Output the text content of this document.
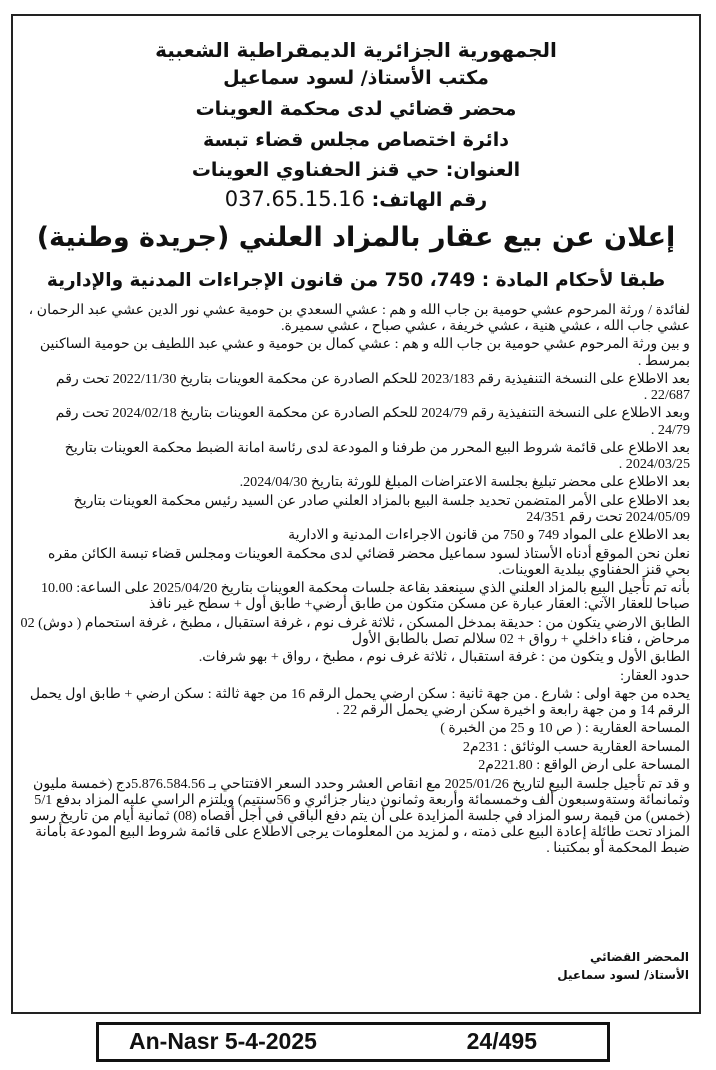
الجمهورية الجزائرية الديمقراطية الشعبية
مكتب الأستاذ/ لسود سماعيل
محضر قضائي لدى محكمة العوينات
دائرة اختصاص مجلس قضاء تبسة
العنوان: حي قنز الحفناوي العوينات
رقم الهاتف: 037.65.15.16
إعلان عن بيع عقار بالمزاد العلني (جريدة وطنية)
طبقا لأحكام المادة : 749، 750 من قانون الإجراءات المدنية والإدارية

لفائدة / ورثة المرحوم عشي حومية بن جاب الله و هم : عشي السعدي بن حومية عشي نور الدين عشي عبد الرحمان ، عشي جاب الله ، عشي هنية ، عشي خريفة ، عشي صباح ، عشي سميرة.

و بين ورثة المرحوم عشي حومية بن جاب الله و هم : عشي كمال بن حومية و عشي عبد اللطيف بن حومية الساكنين بمرسط .

بعد الاطلاع على النسخة التنفيذية رقم 2023/183 للحكم الصادرة عن محكمة العوينات بتاريخ 2022/11/30 تحت رقم 22/687 .

وبعد الاطلاع على النسخة التنفيذية رقم 2024/79 للحكم الصادرة عن محكمة العوينات بتاريخ 2024/02/18 تحت رقم 24/79 .

بعد الاطلاع على قائمة شروط البيع المحرر من طرفنا و المودعة لدى رئاسة امانة الضبط محكمة العوينات بتاريخ 2024/03/25 .

بعد الاطلاع على محضر تبليغ بجلسة الاعتراضات المبلغ للورثة بتاريخ 2024/04/30.

بعد الاطلاع على الأمر المتضمن تحديد جلسة البيع بالمزاد العلني صادر عن السيد رئيس محكمة العوينات بتاريخ 2024/05/09 تحت رقم 24/351

بعد الاطلاع على المواد 749 و 750 من قانون الاجراءات المدنية و الادارية

نعلن نحن الموقع أدناه الأستاذ لسود سماعيل محضر قضائي لدى محكمة العوينات ومجلس قضاء تبسة الكائن مقره بحي قنز الحفناوي ببلدية العوينات.

بأنه تم تأجيل البيع بالمزاد العلني الذي سينعقد بقاعة جلسات محكمة العوينات بتاريخ 2025/04/20 على الساعة: 10.00 صباحا للعقار الآتي: العقار عبارة عن مسكن متكون من طابق أرضي+ طابق أول + سطح غير نافذ

الطابق الارضي يتكون من : حديقة بمدخل المسكن ، ثلاثة غرف نوم ، غرفة استقبال ، مطبخ ، غرفة استحمام ( دوش) 02 مرحاض ، فناء داخلي + رواق + 02 سلالم تصل بالطابق الأول

الطابق الأول و يتكون من : غرفة استقبال ، ثلاثة غرف نوم ، مطبخ ، رواق + بهو شرفات.

حدود العقار:

يحده من جهة اولى : شارع . من جهة ثانية : سكن ارضي يحمل الرقم 16 من جهة ثالثة : سكن ارضي + طابق اول يحمل الرقم 14 و من جهة رابعة و اخيرة سكن ارضي يحمل الرقم 22 .

المساحة العقارية : ( ص 10 و 25 من الخبرة )

المساحة العقارية حسب الوثائق : 231م2

المساحة على ارض الواقع : 221.80م2

و قد تم تأجيل جلسة البيع لتاريخ 2025/01/26 مع انقاص العشر وحدد السعر الافتتاحي بـ 5.876.584.56دج (خمسة مليون وثمانمائة وستةوسبعون ألف وخمسمائة وأربعة وثمانون دينار جزائري و 56سنتيم) ويلتزم الراسي عليه المزاد بدفع 5/1 (خمس) من قيمة رسو المزاد في جلسة المزايدة على أن يتم دفع الباقي في أجل أقصاه (08) ثمانية أيام من تاريخ رسو المزاد تحت طائلة إعادة البيع على ذمته ، و لمزيد من المعلومات يرجى الاطلاع على قائمة شروط البيع المودعة بأمانة ضبط المحكمة أو بمكتبنا .

المحضر القضائي
الأستاذ/ لسود سماعيل
An-Nasr 5-4-2025	24/495
